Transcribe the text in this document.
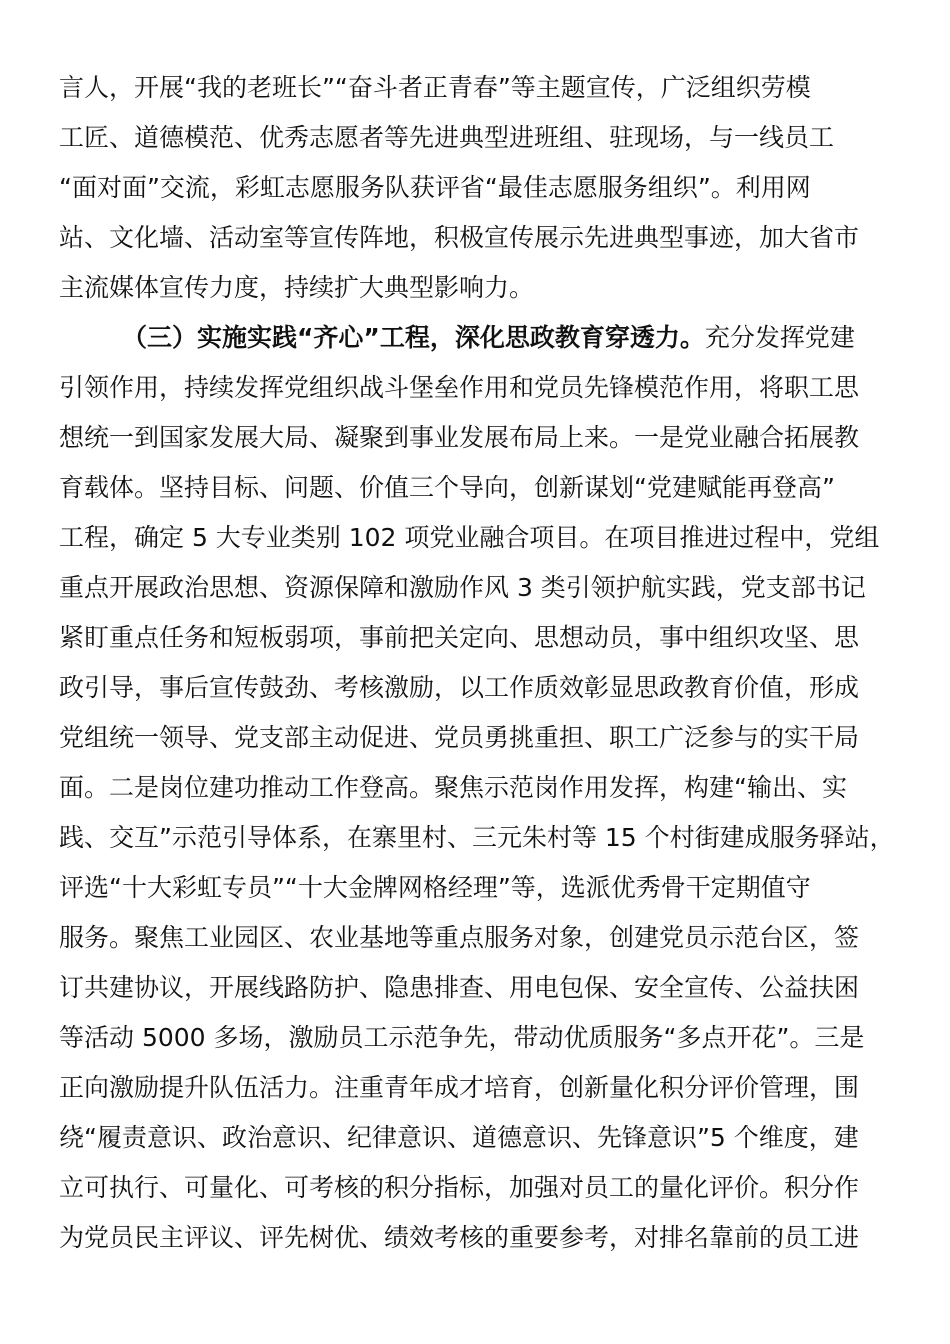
言人，开展“我的老班长”“奋斗者正青春”等主题宣传，广泛组织劳模
工匠、道德模范、优秀志愿者等先进典型进班组、驻现场，与一线员工
“面对面”交流，彩虹志愿服务队获评省“最佳志愿服务组织”。利用网
站、文化墙、活动室等宣传阵地，积极宣传展示先进典型事迹，加大省市
主流媒体宣传力度，持续扩大典型影响力。
（三）实施实践“齐心”工程，深化思政教育穿透力。充分发挥党建
引领作用，持续发挥党组织战斗堡垒作用和党员先锋模范作用，将职工思
想统一到国家发展大局、凝聚到事业发展布局上来。一是党业融合拓展教
育载体。坚持目标、问题、价值三个导向，创新谋划“党建赋能再登高”
工程，确定 5 大专业类别 102 项党业融合项目。在项目推进过程中，党组
重点开展政治思想、资源保障和激励作风 3 类引领护航实践，党支部书记
紧盯重点任务和短板弱项，事前把关定向、思想动员，事中组织攻坚、思
政引导，事后宣传鼓劲、考核激励，以工作质效彰显思政教育价值，形成
党组统一领导、党支部主动促进、党员勇挑重担、职工广泛参与的实干局
面。二是岗位建功推动工作登高。聚焦示范岗作用发挥，构建“输出、实
践、交互”示范引导体系，在寨里村、三元朱村等 15 个村街建成服务驿站，
评选“十大彩虹专员”“十大金牌网格经理”等，选派优秀骨干定期值守
服务。聚焦工业园区、农业基地等重点服务对象，创建党员示范台区，签
订共建协议，开展线路防护、隐患排查、用电包保、安全宣传、公益扶困
等活动 5000 多场，激励员工示范争先，带动优质服务“多点开花”。三是
正向激励提升队伍活力。注重青年成才培育，创新量化积分评价管理，围
绕“履责意识、政治意识、纪律意识、道德意识、先锋意识”5 个维度，建
立可执行、可量化、可考核的积分指标，加强对员工的量化评价。积分作
为党员民主评议、评先树优、绩效考核的重要参考，对排名靠前的员工进
